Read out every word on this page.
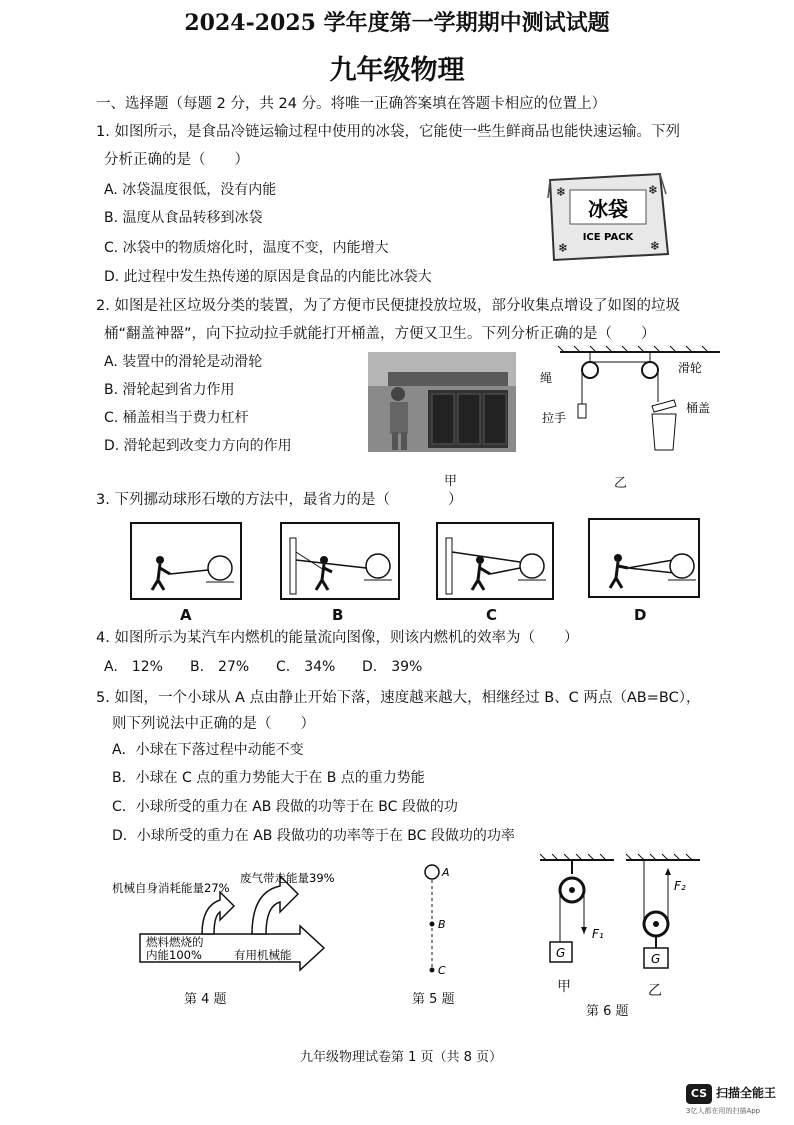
2024-2025 学年度第一学期期中测试试题
九年级物理
一、选择题（每题 2 分，共 24 分。将唯一正确答案填在答题卡相应的位置上）
1. 如图所示，是食品冷链运输过程中使用的冰袋，它能使一些生鲜商品也能快速运输。下列
分析正确的是（　　）
A. 冰袋温度很低，没有内能
B. 温度从食品转移到冰袋
C. 冰袋中的物质熔化时，温度不变，内能增大
D. 此过程中发生热传递的原因是食品的内能比冰袋大
冰袋
ICE PACK
❄
❄
❄
❄
2. 如图是社区垃圾分类的装置，为了方便市民便捷投放垃圾，部分收集点增设了如图的垃圾
桶“翻盖神器”，向下拉动拉手就能打开桶盖，方便又卫生。下列分析正确的是（　　）
A. 装置中的滑轮是动滑轮
B. 滑轮起到省力作用
C. 桶盖相当于费力杠杆
D. 滑轮起到改变力方向的作用
甲
绳
滑轮
拉手
桶盖
乙
3. 下列挪动球形石墩的方法中，最省力的是（　　　　）
A	B	C	D
4. 如图所示为某汽车内燃机的能量流向图像，则该内燃机的效率为（　　）
A.　12% B.　27% C.　34% D.　39%
5. 如图，一个小球从 A 点由静止开始下落，速度越来越大，相继经过 B、C 两点（AB=BC），
则下列说法中正确的是（　　）
A．小球在下落过程中动能不变
B．小球在 C 点的重力势能大于在 B 点的重力势能
C．小球所受的重力在 AB 段做的功等于在 BC 段做的功
D．小球所受的重力在 AB 段做功的功率等于在 BC 段做功的功率
废气带走能量39%
机械自身消耗能量27%
燃料燃烧的
内能100%	有用机械能
第 4 题
A
B
C
第 5 题
G
F₁
G
F₂
甲	乙
第 6 题
九年级物理试卷第 1 页（共 8 页）
CS 扫描全能王
3亿人都在用的扫描App
